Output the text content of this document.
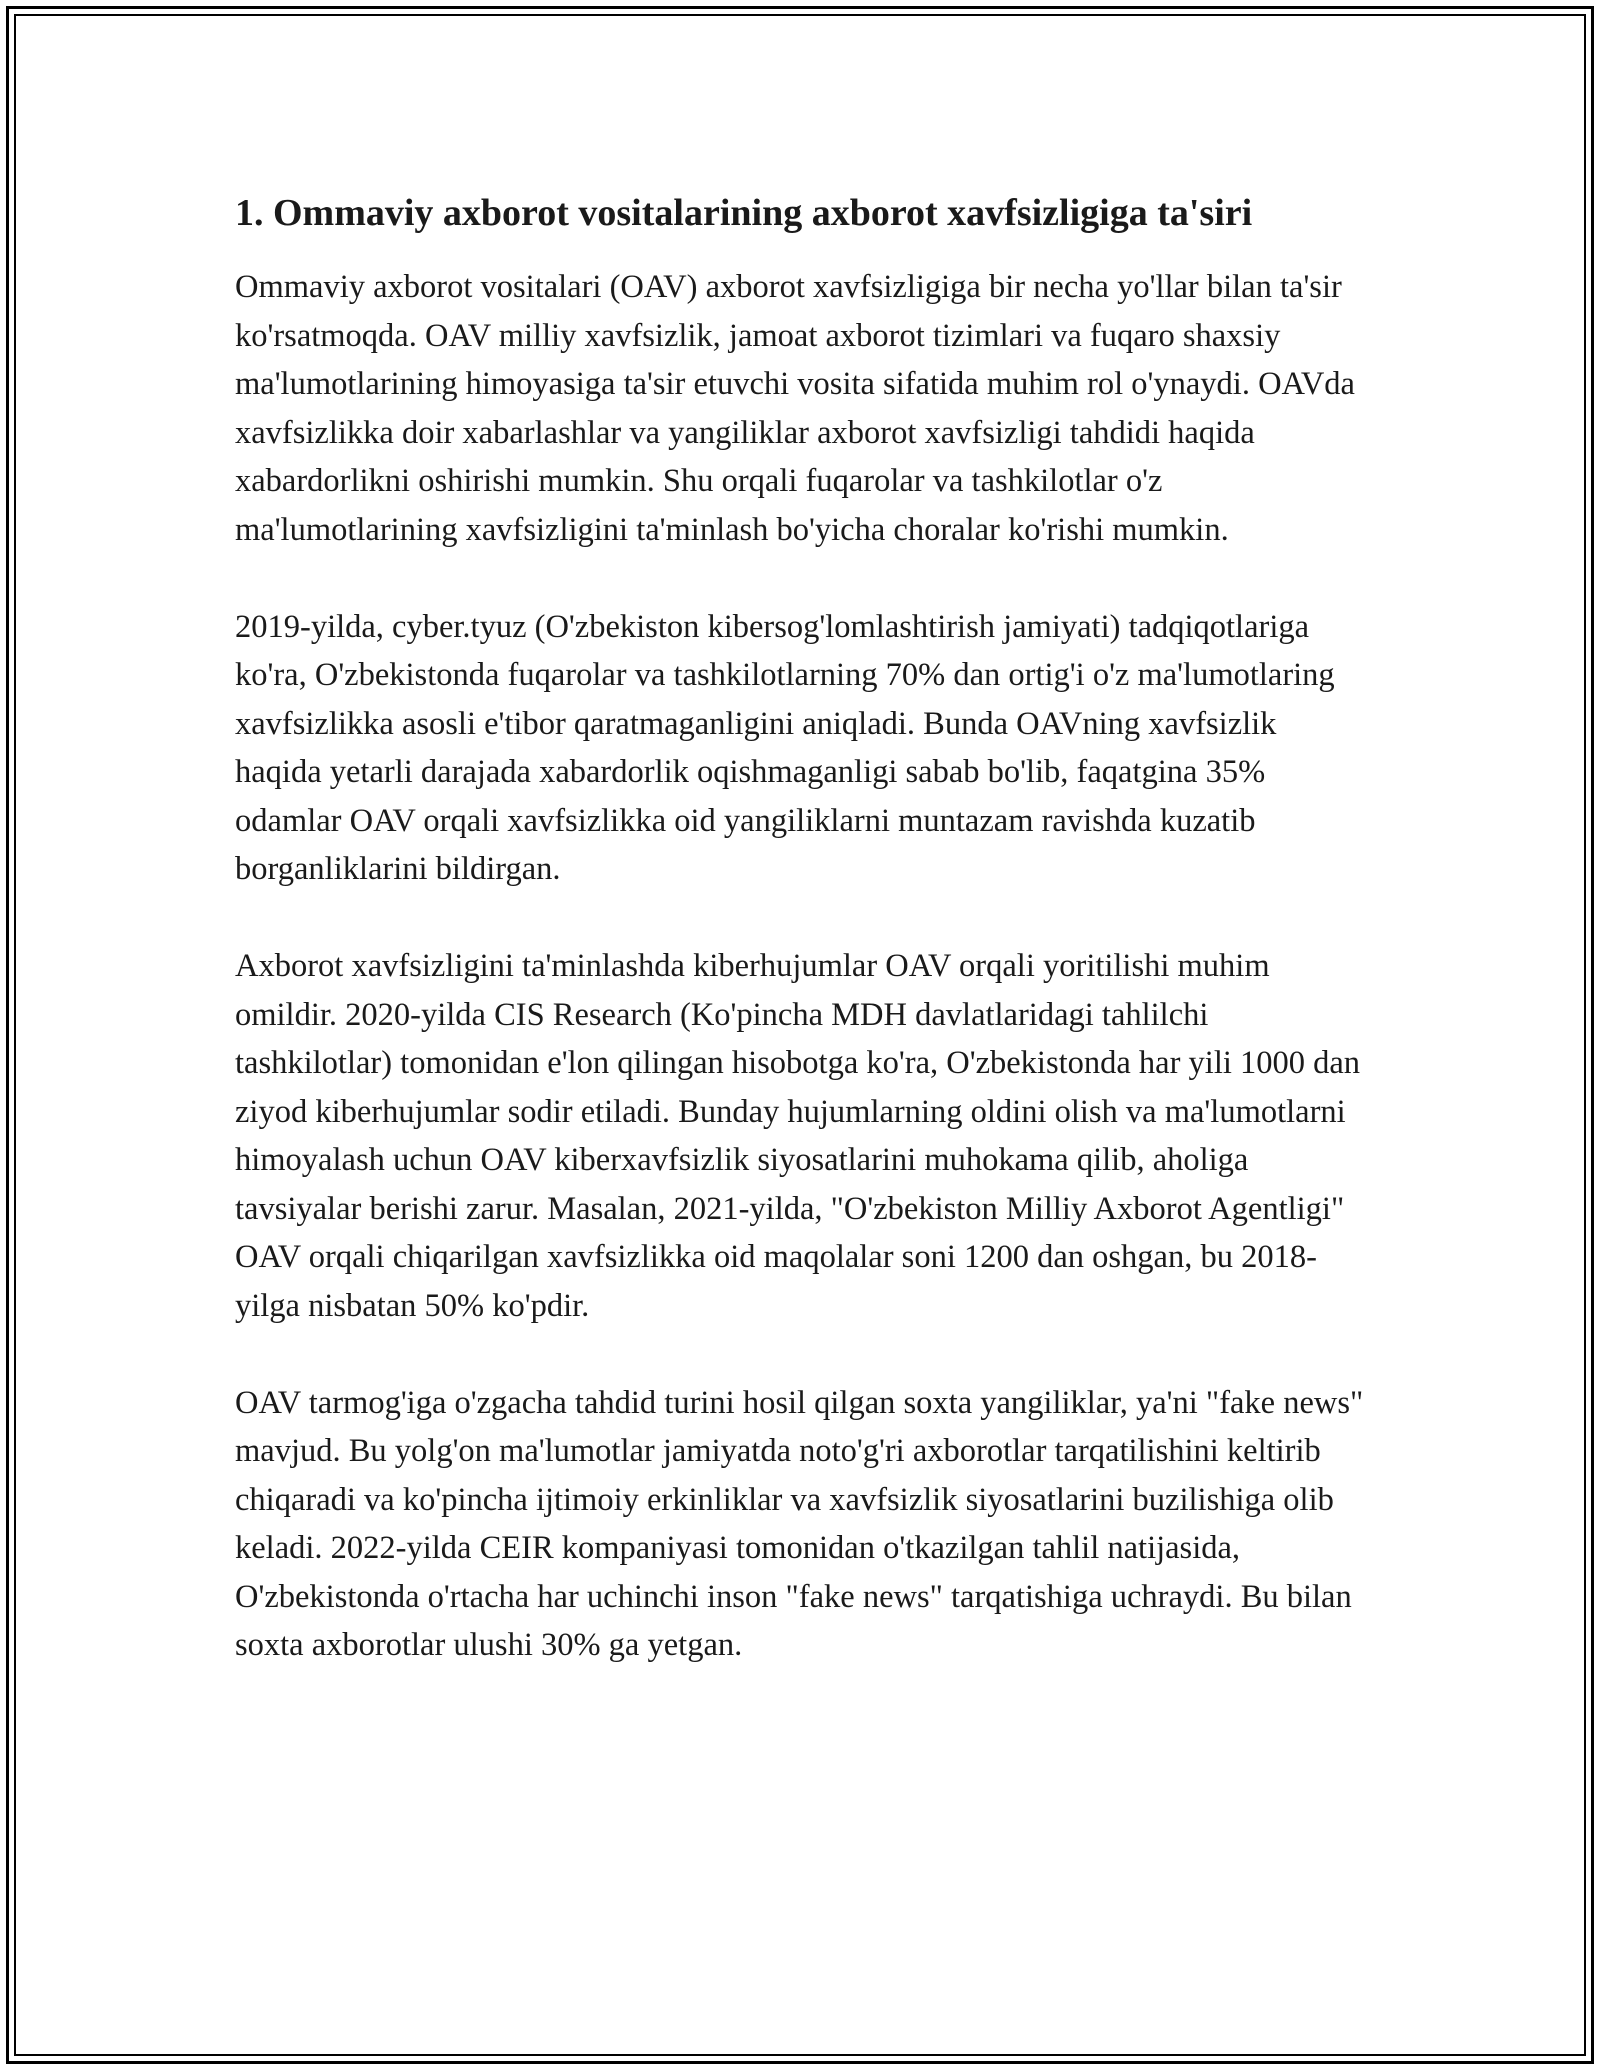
1. Ommaviy axborot vositalarining axborot xavfsizligiga ta'siri

Ommaviy axborot vositalari (OAV) axborot xavfsizligiga bir necha yo'llar bilan ta'sir ko'rsatmoqda. OAV milliy xavfsizlik, jamoat axborot tizimlari va fuqaro shaxsiy ma'lumotlarining himoyasiga ta'sir etuvchi vosita sifatida muhim rol o'ynaydi. OAVda xavfsizlikka doir xabarlashlar va yangiliklar axborot xavfsizligi tahdidi haqida xabardorlikni oshirishi mumkin. Shu orqali fuqarolar va tashkilotlar o'z ma'lumotlarining xavfsizligini ta'minlash bo'yicha choralar ko'rishi mumkin.

2019-yilda, cyber.tyuz (O'zbekiston kibersog'lomlashtirish jamiyati) tadqiqotlariga ko'ra, O'zbekistonda fuqarolar va tashkilotlarning 70% dan ortig'i o'z ma'lumotlaring xavfsizlikka asosli e'tibor qaratmaganligini aniqladi. Bunda OAVning xavfsizlik haqida yetarli darajada xabardorlik oqishmaganligi sabab bo'lib, faqatgina 35% odamlar OAV orqali xavfsizlikka oid yangiliklarni muntazam ravishda kuzatib borganliklarini bildirgan.

Axborot xavfsizligini ta'minlashda kiberhujumlar OAV orqali yoritilishi muhim omildir. 2020-yilda CIS Research (Ko'pincha MDH davlatlaridagi tahlilchi tashkilotlar) tomonidan e'lon qilingan hisobotga ko'ra, O'zbekistonda har yili 1000 dan ziyod kiberhujumlar sodir etiladi. Bunday hujumlarning oldini olish va ma'lumotlarni himoyalash uchun OAV kiberxavfsizlik siyosatlarini muhokama qilib, aholiga tavsiyalar berishi zarur. Masalan, 2021-yilda, "O'zbekiston Milliy Axborot Agentligi" OAV orqali chiqarilgan xavfsizlikka oid maqolalar soni 1200 dan oshgan, bu 2018-yilga nisbatan 50% ko'pdir.

OAV tarmog'iga o'zgacha tahdid turini hosil qilgan soxta yangiliklar, ya'ni "fake news" mavjud. Bu yolg'on ma'lumotlar jamiyatda noto'g'ri axborotlar tarqatilishini keltirib chiqaradi va ko'pincha ijtimoiy erkinliklar va xavfsizlik siyosatlarini buzilishiga olib keladi. 2022-yilda CEIR kompaniyasi tomonidan o'tkazilgan tahlil natijasida, O'zbekistonda o'rtacha har uchinchi inson "fake news" tarqatishiga uchraydi. Bu bilan soxta axborotlar ulushi 30% ga yetgan.
